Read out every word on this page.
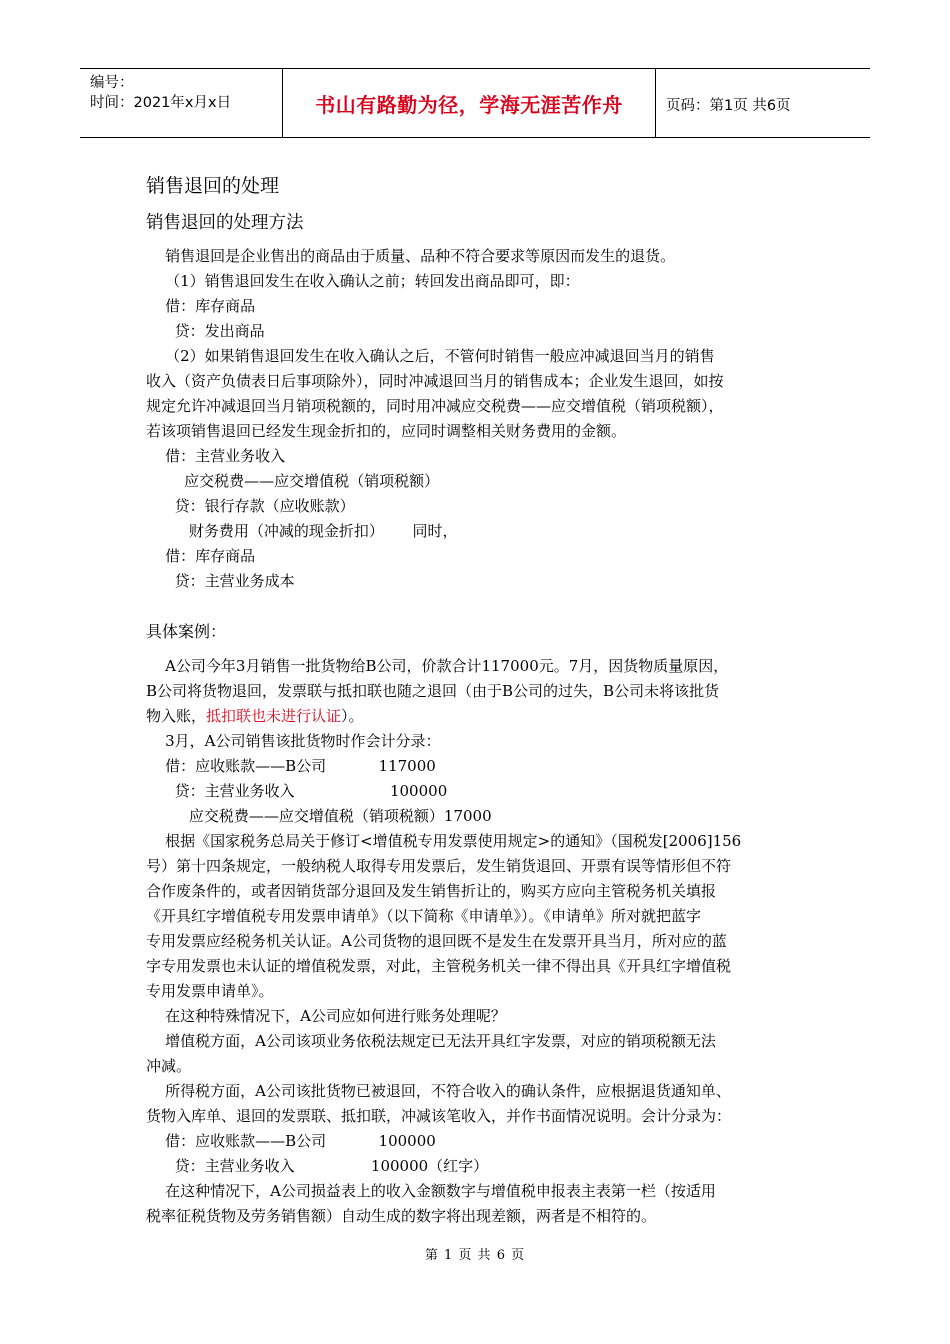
编号：
时间：2021年x月x日	书山有路勤为径，学海无涯苦作舟	页码：第1页 共6页
销售退回的处理
销售退回的处理方法
销售退回是企业售出的商品由于质量、品种不符合要求等原因而发生的退货。
（1）销售退回发生在收入确认之前；转回发出商品即可，即：
借：库存商品
贷：发出商品
（2）如果销售退回发生在收入确认之后，不管何时销售一般应冲减退回当月的销售
收入（资产负债表日后事项除外），同时冲减退回当月的销售成本；企业发生退回，如按
规定允许冲减退回当月销项税额的，同时用冲减应交税费——应交增值税（销项税额），
若该项销售退回已经发生现金折扣的，应同时调整相关财务费用的金额。
借：主营业务收入
应交税费——应交增值税（销项税额）
贷：银行存款（应收账款）
财务费用（冲减的现金折扣）      同时，
借：库存商品
贷：主营业务成本
A公司今年3月销售一批货物给B公司，价款合计117000元。7月，因货物质量原因，
B公司将货物退回，发票联与抵扣联也随之退回（由于B公司的过失，B公司未将该批货
物入账，抵扣联也未进行认证）。
3月，A公司销售该批货物时作会计分录：
借：应收账款——B公司           117000
贷：主营业务收入                    100000
应交税费——应交增值税（销项税额）17000
根据《国家税务总局关于修订<增值税专用发票使用规定>的通知》（国税发[2006]156
号）第十四条规定，一般纳税人取得专用发票后，发生销货退回、开票有误等情形但不符
合作废条件的，或者因销货部分退回及发生销售折让的，购买方应向主管税务机关填报
《开具红字增值税专用发票申请单》（以下简称《申请单》）。《申请单》所对就把蓝字
专用发票应经税务机关认证。A公司货物的退回既不是发生在发票开具当月，所对应的蓝
字专用发票也未认证的增值税发票，对此，主管税务机关一律不得出具《开具红字增值税
专用发票申请单》。
在这种特殊情况下，A公司应如何进行账务处理呢？
增值税方面，A公司该项业务依税法规定已无法开具红字发票，对应的销项税额无法
冲减。
所得税方面，A公司该批货物已被退回，不符合收入的确认条件，应根据退货通知单、
货物入库单、退回的发票联、抵扣联，冲减该笔收入，并作书面情况说明。会计分录为：
借：应收账款——B公司           100000
贷：主营业务收入                100000（红字）
在这种情况下，A公司损益表上的收入金额数字与增值税申报表主表第一栏（按适用
税率征税货物及劳务销售额）自动生成的数字将出现差额，两者是不相符的。
具体案例：
第 1 页 共 6 页
